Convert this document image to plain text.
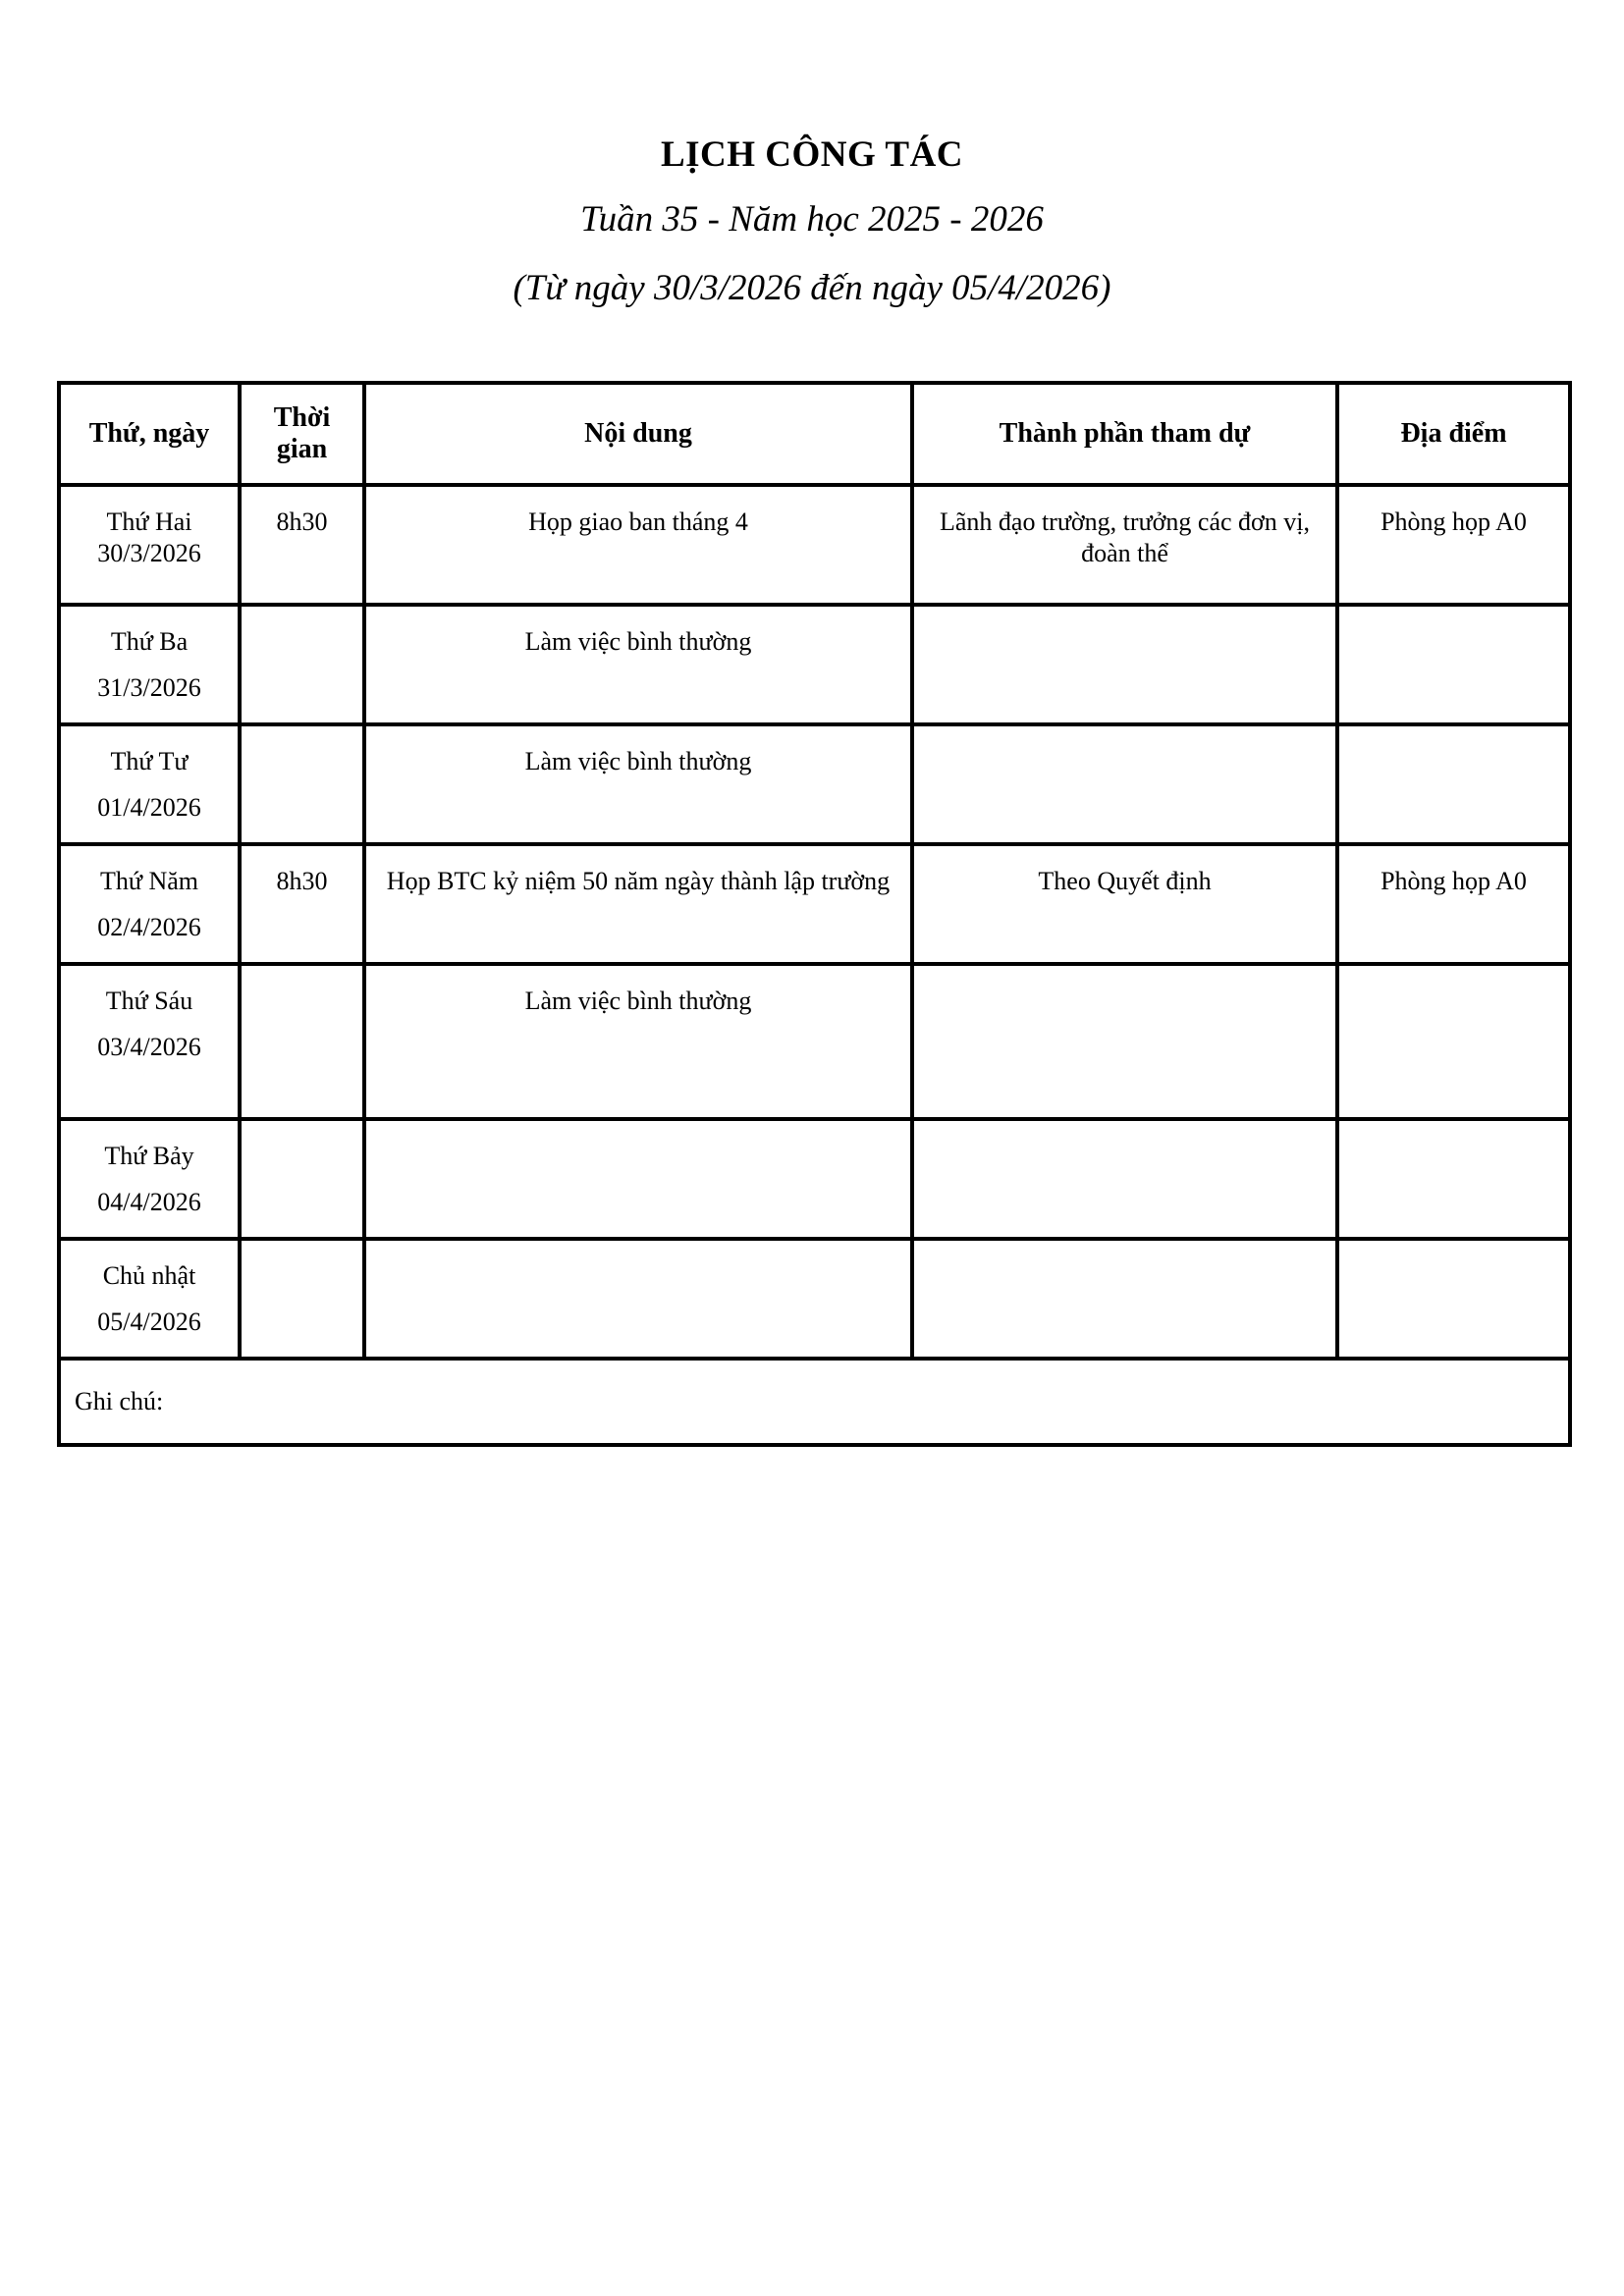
LỊCH CÔNG TÁC
Tuần 35 - Năm học 2025 - 2026
(Từ ngày 30/3/2026 đến ngày 05/4/2026)
Thứ, ngày	Thời gian	Nội dung	Thành phần tham dự	Địa điểm

Thứ Hai
30/3/2026	8h30	Họp giao ban tháng 4	Lãnh đạo trường, trưởng các đơn vị, đoàn thể	Phòng họp A0

Thứ Ba
31/3/2026		Làm việc bình thường		

Thứ Tư
01/4/2026		Làm việc bình thường		

Thứ Năm
02/4/2026	8h30	Họp BTC kỷ niệm 50 năm ngày thành lập trường	Theo Quyết định	Phòng họp A0

Thứ Sáu
03/4/2026		Làm việc bình thường		

Thứ Bảy
04/4/2026				

Chủ nhật
05/4/2026				

Ghi chú:				
